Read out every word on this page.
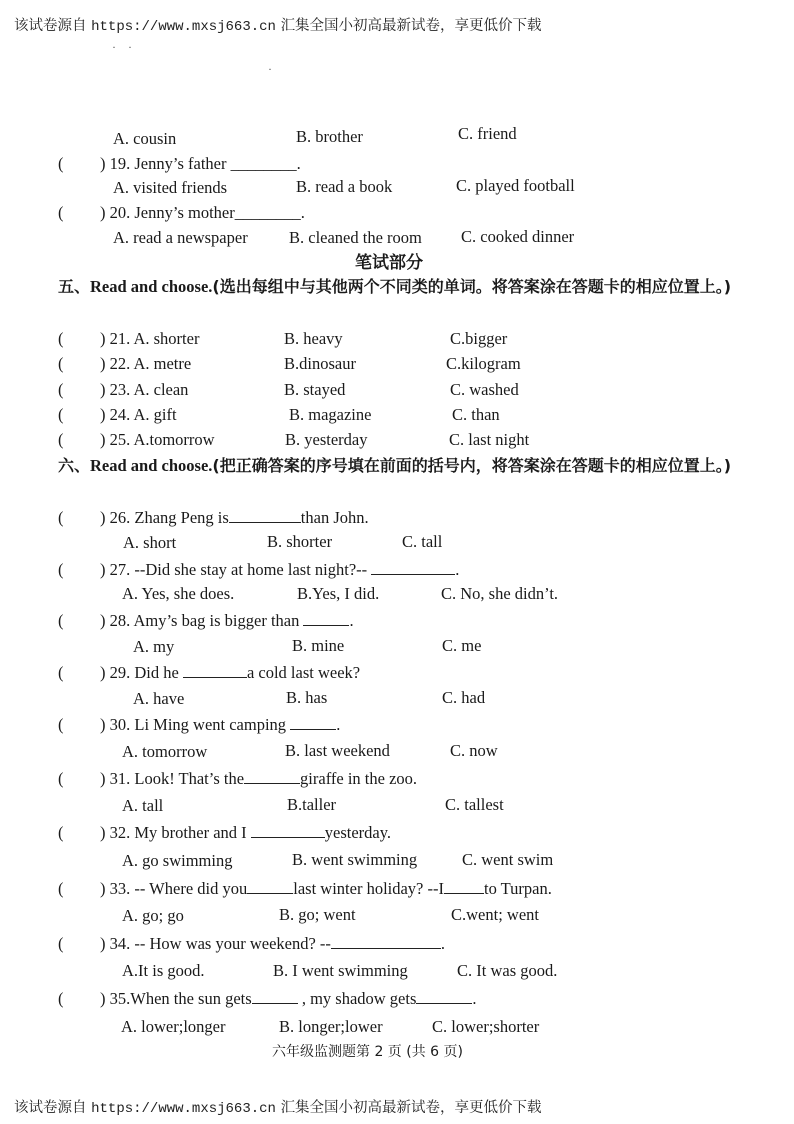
该试卷源自 https://www.mxsj663.cn 汇集全国小初高最新试卷，享更低价下载
··
·
A. cousin	B. brother	C. friend
( ) 19. Jenny’s father ________.
A. visited friends	B. read a book	C. played football
( ) 20. Jenny’s mother________.
A. read a newspaper	B. cleaned the room C. cooked dinner
笔试部分
五、Read and choose.(选出每组中与其他两个不同类的单词。将答案涂在答题卡的相应位置上。)
( ) 21. A. shorter	B. heavy	C.bigger
( ) 22. A. metre	B.dinosaur	C.kilogram
( ) 23. A. clean	B. stayed	C. washed
( ) 24. A. gift	B. magazine	C. than
( ) 25. A.tomorrow	B. yesterday	C. last night
六、Read and choose.(把正确答案的序号填在前面的括号内，将答案涂在答题卡的相应位置上。)
( ) 26. Zhang Peng is	than John.
A. short	B. shorter	C. tall
( ) 27. --Did she stay at home last night?--	.
A. Yes, she does.	B.Yes, I did.	C. No, she didn’t.
( ) 28. Amy’s bag is bigger than	.
A. my	B. mine	C. me
( ) 29. Did he	a cold last week?
A. have	B. has	C. had
( ) 30. Li Ming went camping	.
A. tomorrow	B. last weekend	C. now
( ) 31. Look! That’s the	giraffe in the zoo.
A. tall	B.taller	C. tallest
( ) 32. My brother and I	yesterday.
A. go swimming	B. went swimming	C. went swim
( ) 33. -- Where did you	last winter holiday? --I to Turpan.
A. go; go	B. go; went	C.went; went
( ) 34. -- How was your weekend? --	.
A.It is good.	B. I went swimming	C. It was good.
( ) 35.When the sun gets	, my shadow gets	.
A. lower;longer	B. longer;lower	C. lower;shorter
六年级监测题第 2 页 (共 6 页)
该试卷源自 https://www.mxsj663.cn 汇集全国小初高最新试卷，享更低价下载
